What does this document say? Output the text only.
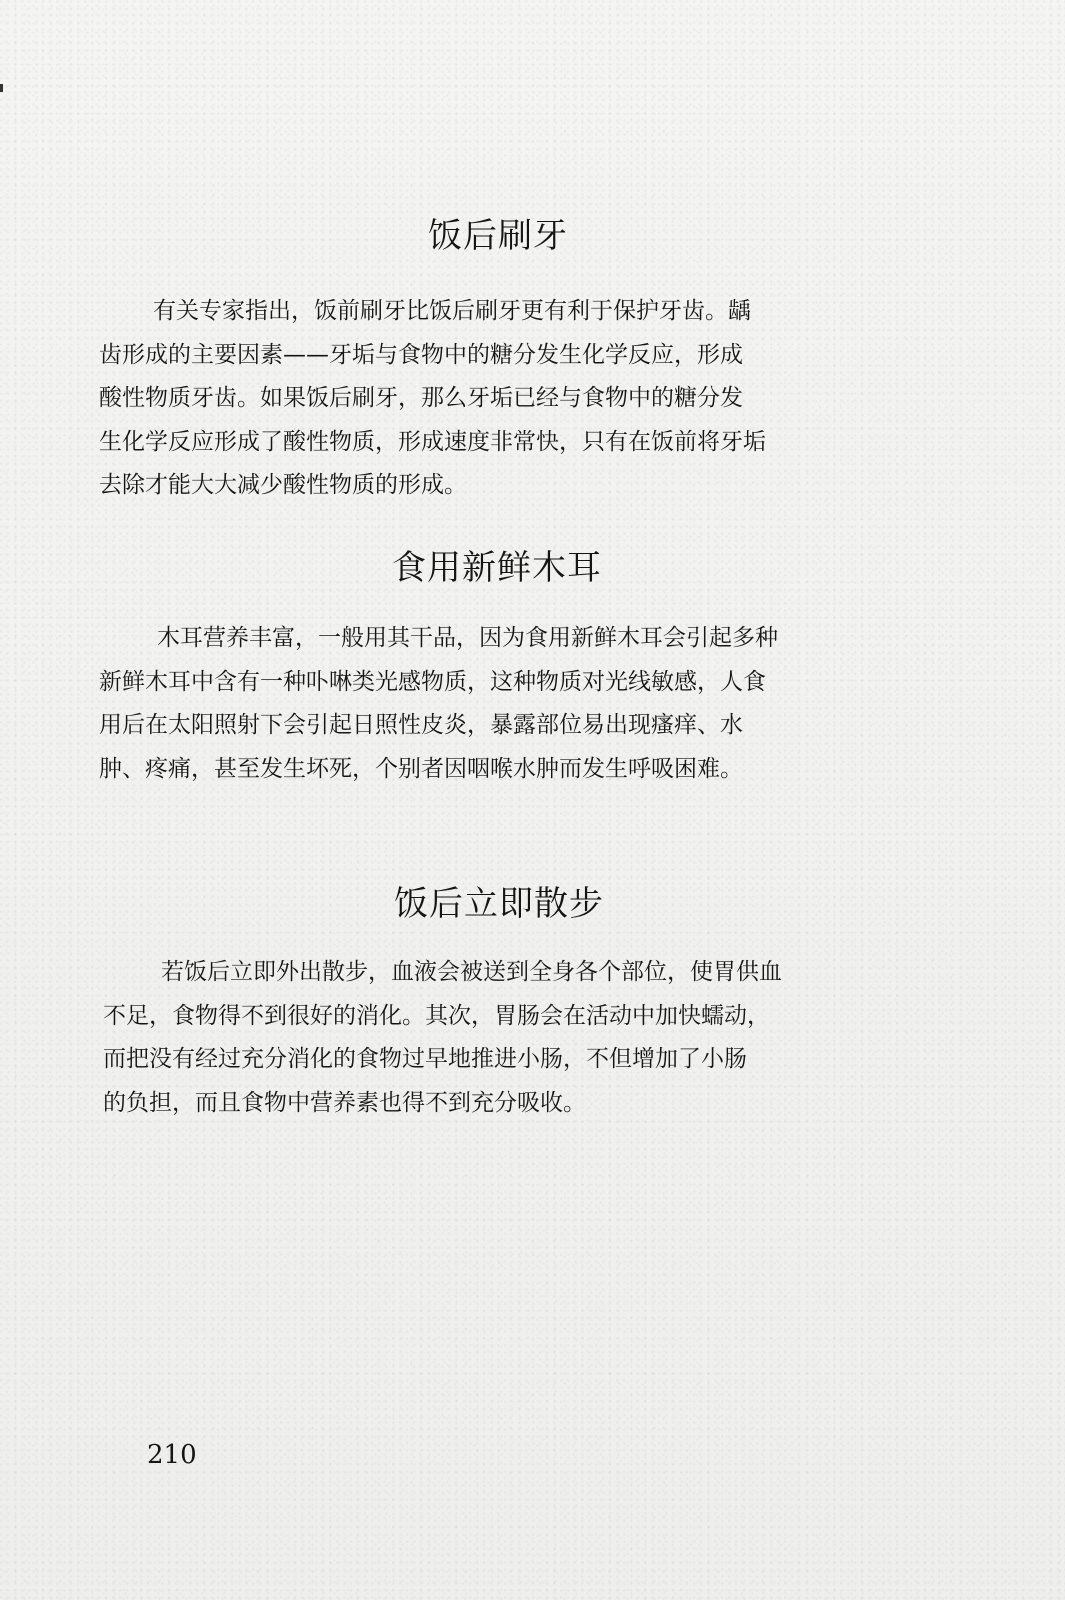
饭后刷牙
有关专家指出，饭前刷牙比饭后刷牙更有利于保护牙齿。龋
齿形成的主要因素——牙垢与食物中的糖分发生化学反应，形成
酸性物质牙齿。如果饭后刷牙，那么牙垢已经与食物中的糖分发
生化学反应形成了酸性物质，形成速度非常快，只有在饭前将牙垢
去除才能大大减少酸性物质的形成。
食用新鲜木耳
木耳营养丰富，一般用其干品，因为食用新鲜木耳会引起多种
新鲜木耳中含有一种卟啉类光感物质，这种物质对光线敏感，人食
用后在太阳照射下会引起日照性皮炎，暴露部位易出现瘙痒、水
肿、疼痛，甚至发生坏死，个别者因咽喉水肿而发生呼吸困难。
饭后立即散步
若饭后立即外出散步，血液会被送到全身各个部位，使胃供血
不足，食物得不到很好的消化。其次，胃肠会在活动中加快蠕动，
而把没有经过充分消化的食物过早地推进小肠，不但增加了小肠
的负担，而且食物中营养素也得不到充分吸收。

210
